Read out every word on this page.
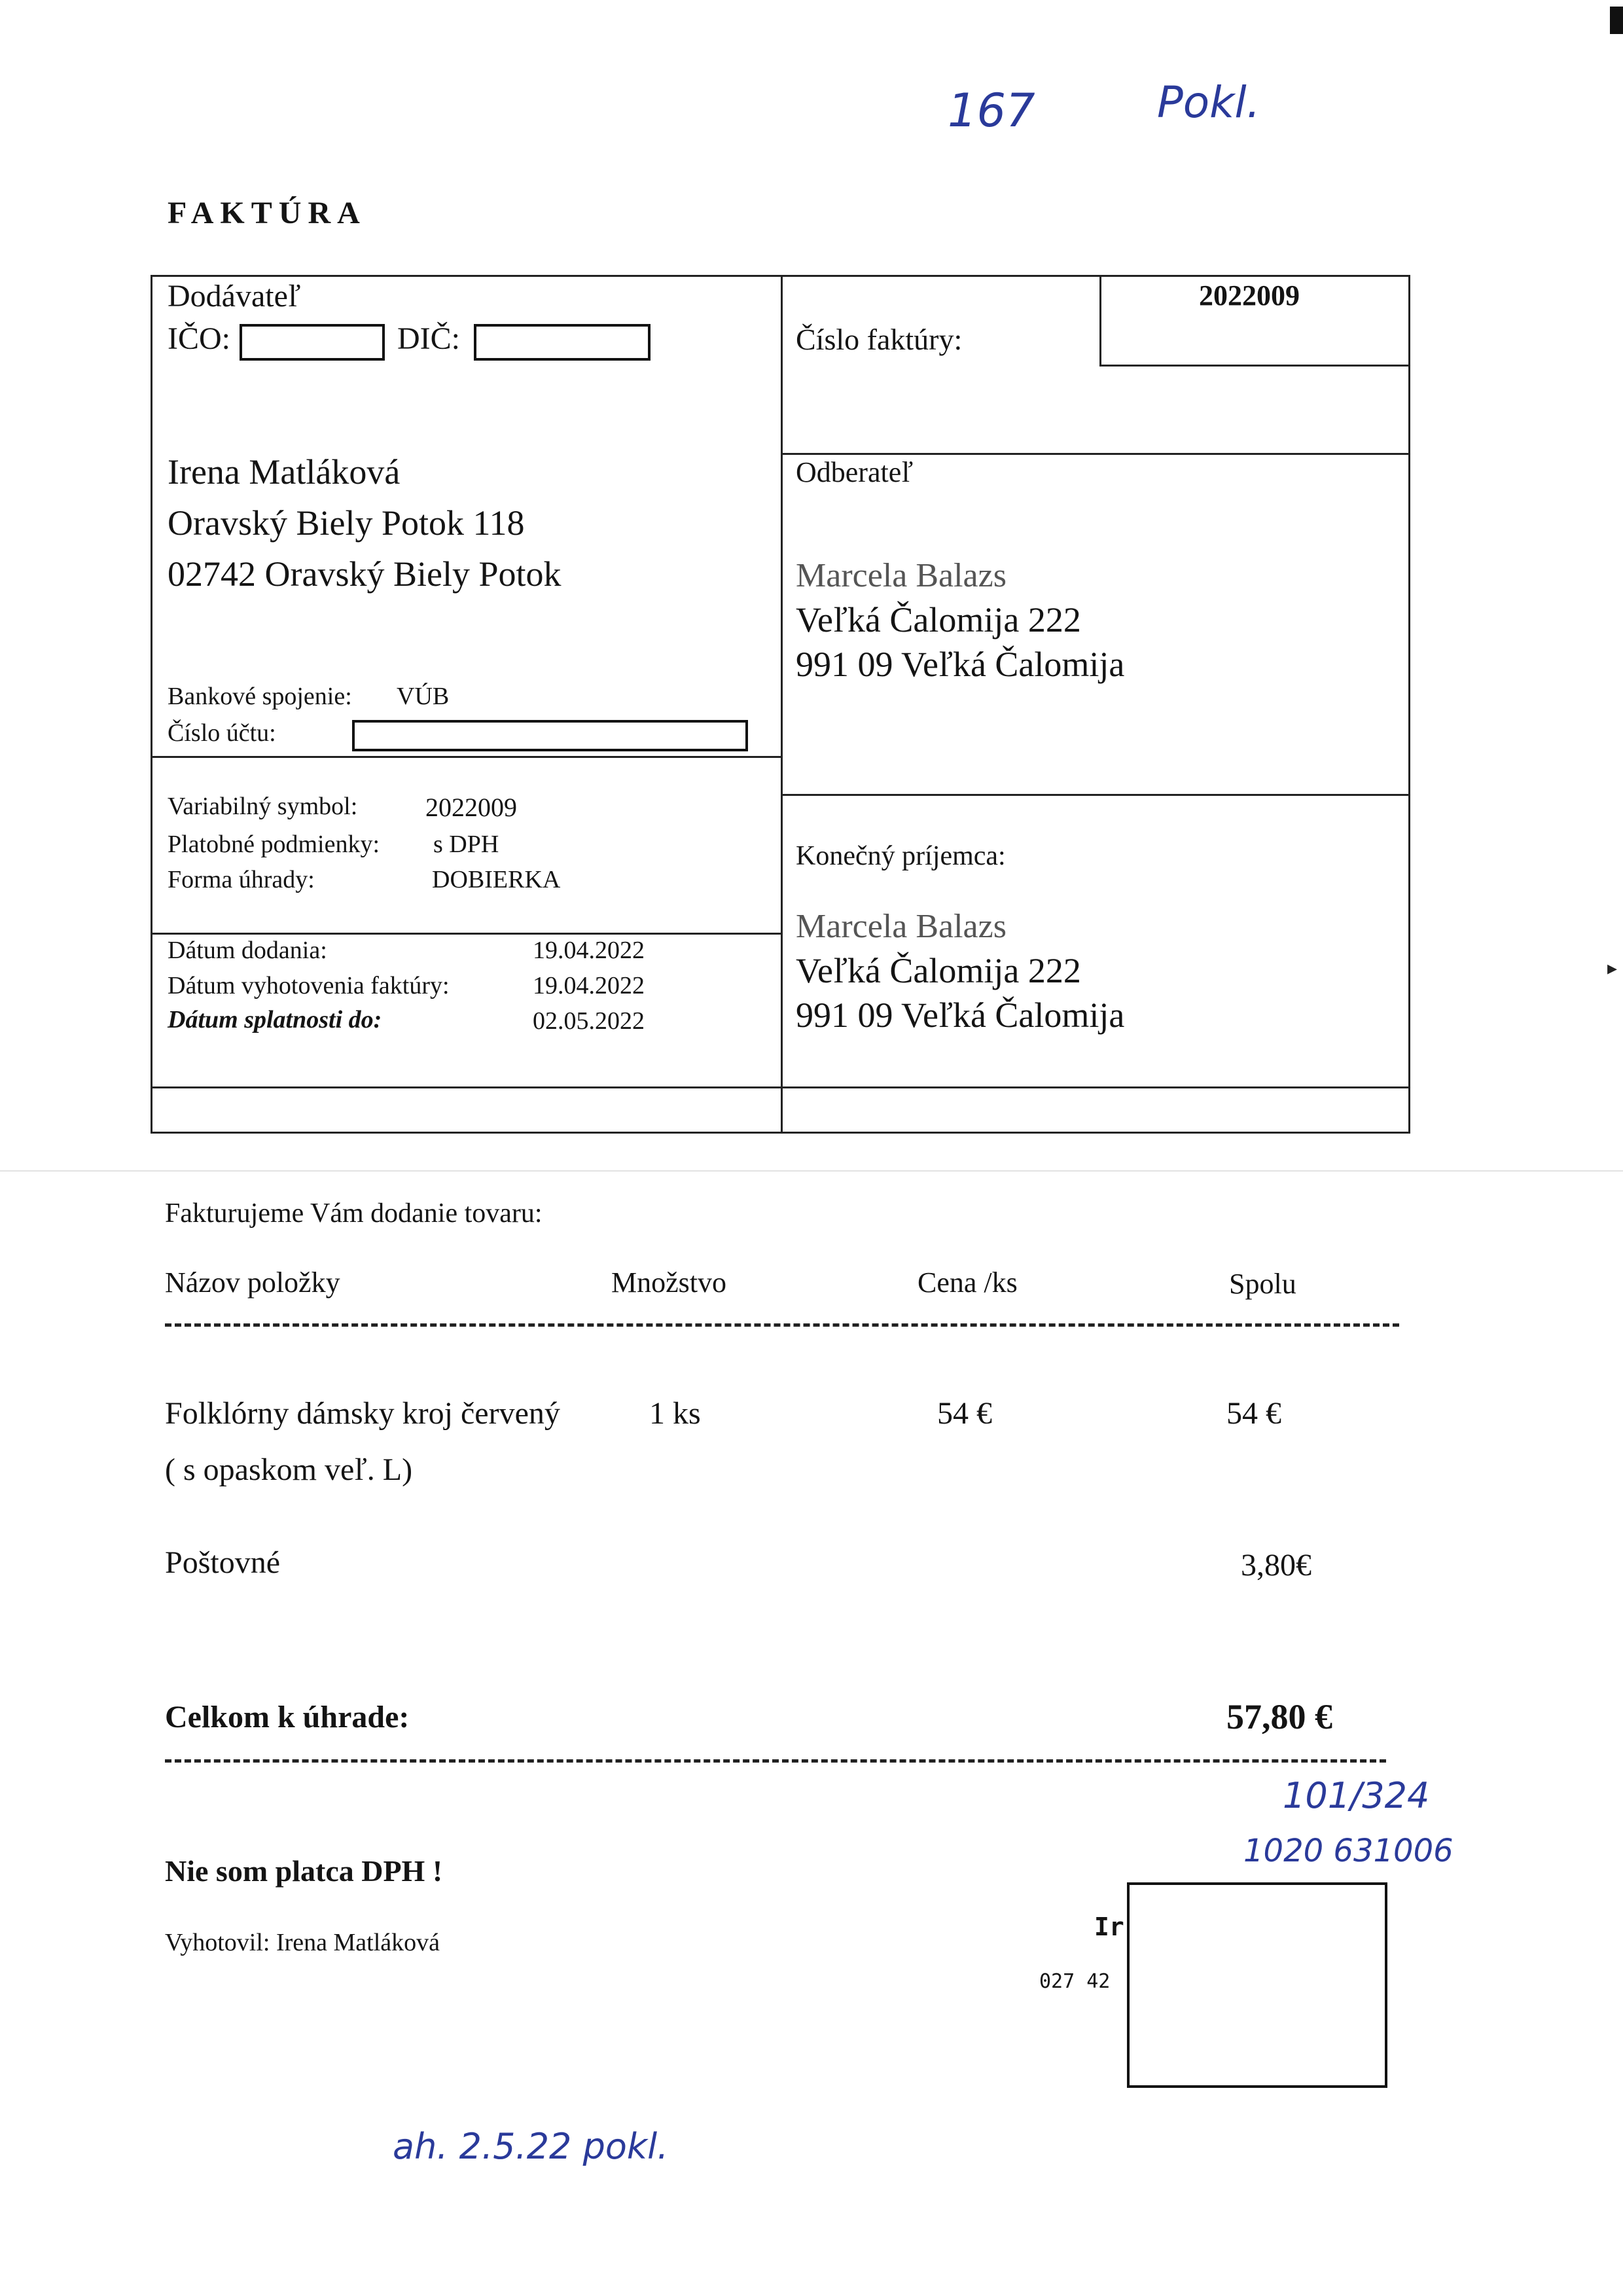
▸
167	Pokl.
FAKTÚRA
Dodávateľ
IČO:	DIČ:
Irena Matláková
Oravský Biely Potok 118
02742 Oravský Biely Potok
Bankové spojenie: VÚB
Číslo účtu:
Číslo faktúry:
2022009
Odberateľ
Marcela Balazs
Veľká Čalomija 222
991 09 Veľká Čalomija
Variabilný symbol:	2022009
Platobné podmienky: s DPH
Forma úhrady:	DOBIERKA
Dátum dodania:	19.04.2022
Dátum vyhotovenia faktúry:	19.04.2022
Dátum splatnosti do:	02.05.2022
Konečný príjemca:
Marcela Balazs
Veľká Čalomija 222
991 09 Veľká Čalomija
Fakturujeme Vám dodanie tovaru:
Názov položky	Množstvo	Cena /ks	Spolu
Folklórny dámsky kroj červený
( s opaskom veľ. L)
1 ks	54 €	54 €
Poštovné	3,80€
Celkom k úhrade:	57,80 €
101/324
1020 631006
Nie som platca DPH !
Vyhotovil: Irena Matláková
Ir
027 42
ah. 2.5.22 pokl.
